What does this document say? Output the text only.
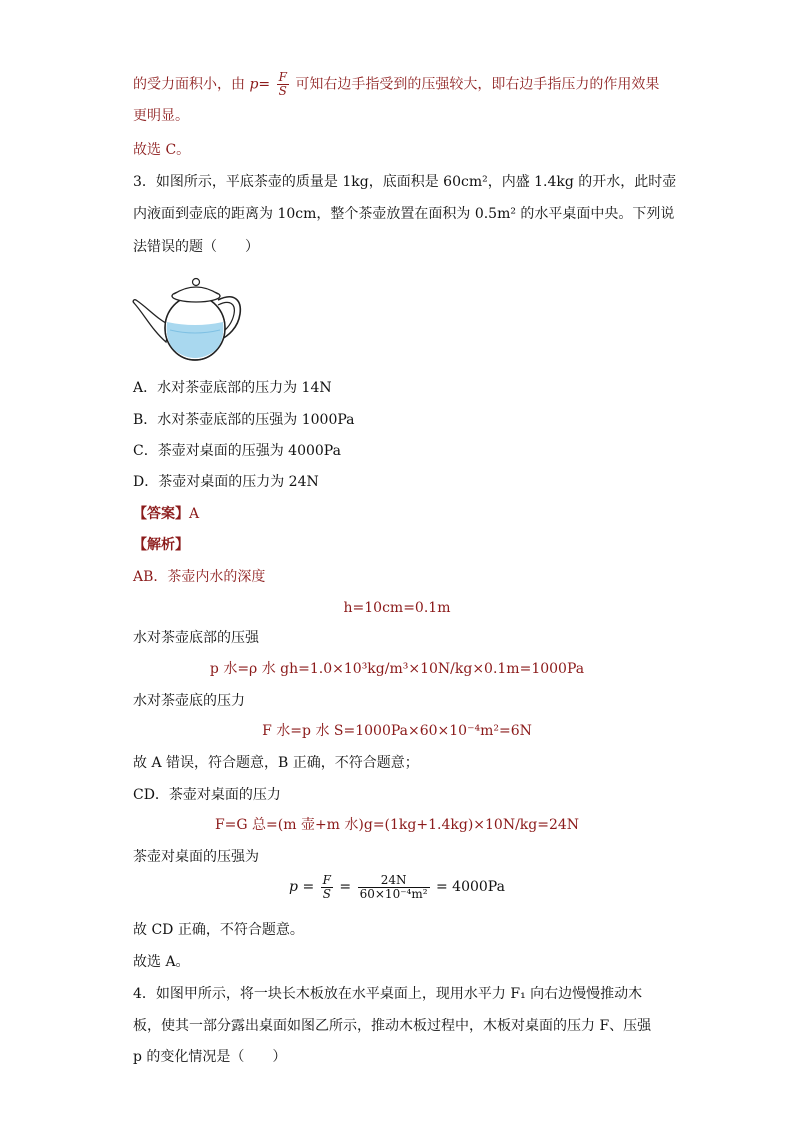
的受力面积小，由 $p= \frac{F}{S}$ 可知右边手指受到的压强较大，即右边手指压力的作用效果
更明显。
故选 C。
3．如图所示，平底茶壶的质量是 1kg，底面积是 60cm²，内盛 1.4kg 的开水，此时壶
内液面到壶底的距离为 10cm，整个茶壶放置在面积为 0.5m² 的水平桌面中央。下列说
法错误的题（　　）
A．水对茶壶底部的压力为 14N
B．水对茶壶底部的压强为 1000Pa
C．茶壶对桌面的压强为 4000Pa
D．茶壶对桌面的压力为 24N
【答案】A
【解析】
AB．茶壶内水的深度
h=10cm=0.1m
水对茶壶底部的压强
p 水=ρ 水 gh=1.0×10³kg/m³×10N/kg×0.1m=1000Pa
水对茶壶底的压力
F 水=p 水 S=1000Pa×60×10⁻⁴m²=6N
故 A 错误，符合题意，B 正确，不符合题意；
CD．茶壶对桌面的压力
F=G 总=(m 壶+m 水)g=(1kg+1.4kg)×10N/kg=24N
茶壶对桌面的压强为
$p = \frac{F}{S} = \frac{24N}{\text{60×10⁻⁴m²}} = 4000Pa$
故 CD 正确，不符合题意。
故选 A。
4．如图甲所示，将一块长木板放在水平桌面上，现用水平力 F₁ 向右边慢慢推动木
板，使其一部分露出桌面如图乙所示，推动木板过程中，木板对桌面的压力 F、压强
p 的变化情况是（　　）
